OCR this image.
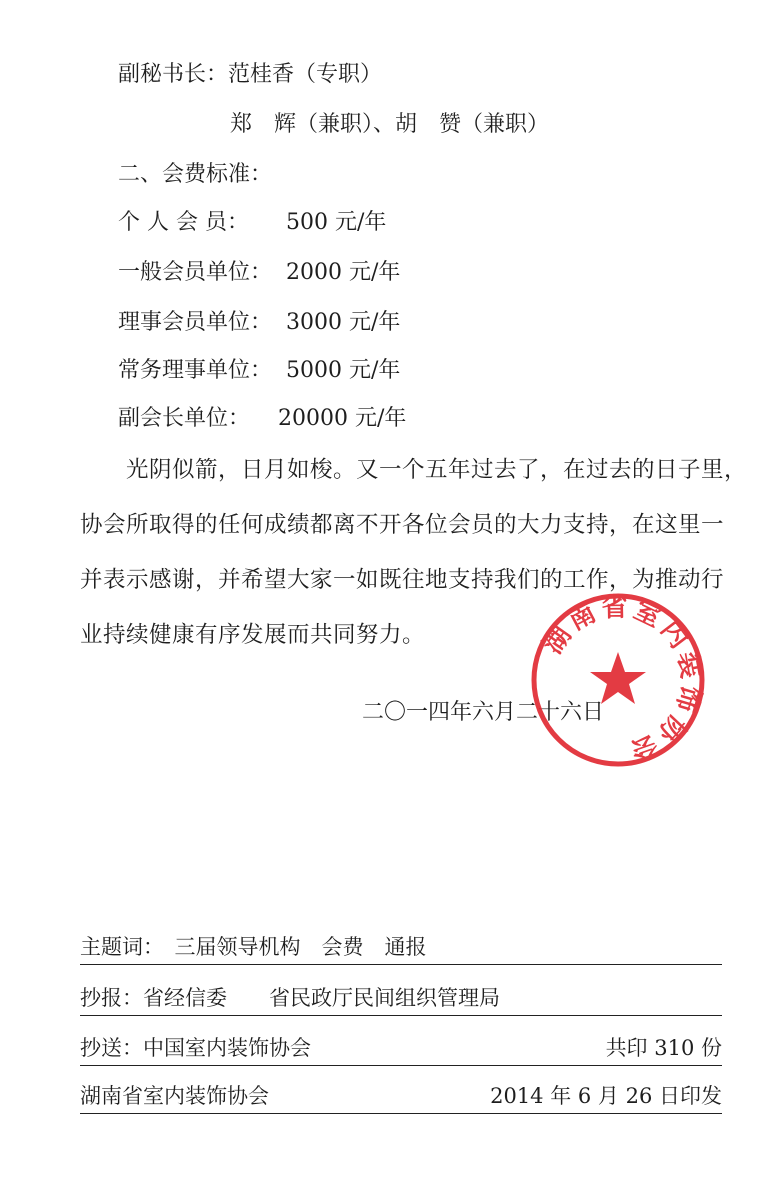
副秘书长：范桂香（专职）
郑　辉（兼职）、胡　赞（兼职）
二、会费标准：
个 人 会 员： 500 元/年
一般会员单位： 2000 元/年
理事会员单位： 3000 元/年
常务理事单位： 5000 元/年
副会长单位： 20000 元/年
　　光阴似箭，日月如梭。又一个五年过去了，在过去的日子里，
协会所取得的任何成绩都离不开各位会员的大力支持，在这里一
并表示感谢，并希望大家一如既往地支持我们的工作，为推动行
业持续健康有序发展而共同努力。
二〇一四年六月二十六日
湖南省室内装饰协会
主题词：　三届领导机构　会费　通报
抄报：省经信委　　省民政厅民间组织管理局
抄送：中国室内装饰协会	共印 310 份
湖南省室内装饰协会	2014 年 6 月 26 日印发
